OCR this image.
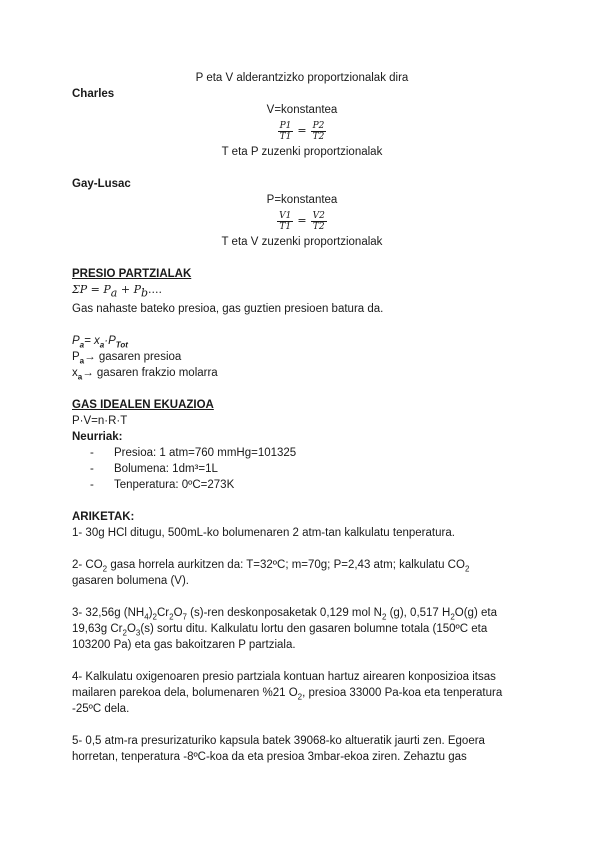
P eta V alderantzizko proportzionalak dira

Charles

V=konstantea

$\frac{P1}{T1} = \frac{P2}{T2}$

T eta P zuzenki proportzionalak

Gay-Lusac

P=konstantea

$\frac{V1}{T1} = \frac{V2}{T2}$

T eta V zuzenki proportzionalak

PRESIO PARTZIALAK

$\Sigma P = P_a + P_b$....

Gas nahaste bateko presioa, gas guztien presioen batura da.

$P_a= x_a\cdot P_{Tot}$

$P_a\to$ gasaren presioa

$x_a\to$ gasaren frakzio molarra

GAS IDEALEN EKUAZIOA

P·V=n·R·T

Neurriak:

- Presioa: 1 atm=760 mmHg=101325
- Bolumena: 1dm³=1L
- Tenperatura: 0ºC=273K

ARIKETAK:

1- 30g HCl ditugu, 500mL-ko bolumenaren 2 atm-tan kalkulatu tenperatura.

2- $CO_2$ gasa horrela aurkitzen da: T=32ºC; m=70g; P=2,43 atm; kalkulatu $CO_2$

gasaren bolumena (V).

3- 32,56g $(NH_4)_2Cr_2O_7$ (s)-ren deskonposaketak 0,129 mol $N_2$ (g), 0,517 $H_2O(g)$ eta

19,63g $Cr_2O_3(s)$ sortu ditu. Kalkulatu lortu den gasaren bolumne totala (150ºC eta

103200 Pa) eta gas bakoitzaren P partziala.

4- Kalkulatu oxigenoaren presio partziala kontuan hartuz airearen konposizioa itsas

mailaren parekoa dela, bolumenaren %21 $O_2$, presioa 33000 Pa-koa eta tenperatura

-25ºC dela.

5- 0,5 atm-ra presurizaturiko kapsula batek 39068-ko altueratik jaurti zen. Egoera

horretan, tenperatura -8ºC-koa da eta presioa 3mbar-ekoa ziren. Zehaztu gas
